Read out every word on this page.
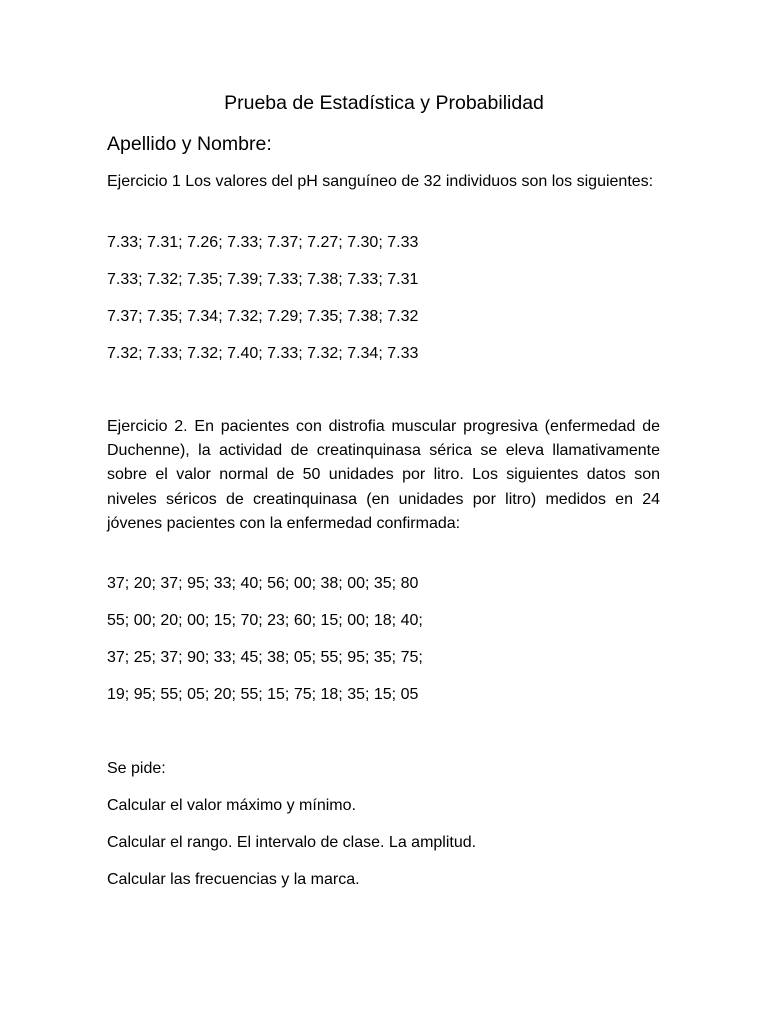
Prueba de Estadística y Probabilidad
Apellido y Nombre:
Ejercicio 1 Los valores del pH sanguíneo de 32 individuos son los siguientes:
7.33; 7.31; 7.26; 7.33; 7.37; 7.27; 7.30; 7.33
7.33; 7.32; 7.35; 7.39; 7.33; 7.38; 7.33; 7.31
7.37; 7.35; 7.34; 7.32; 7.29; 7.35; 7.38; 7.32
7.32; 7.33; 7.32; 7.40; 7.33; 7.32; 7.34; 7.33
Ejercicio 2. En pacientes con distrofia muscular progresiva (enfermedad de Duchenne), la actividad de creatinquinasa sérica se eleva llamativamente sobre el valor normal de 50 unidades por litro. Los siguientes datos son niveles séricos de creatinquinasa (en unidades por litro) medidos en 24 jóvenes pacientes con la enfermedad confirmada:
37; 20; 37; 95; 33; 40; 56; 00; 38; 00; 35; 80
55; 00; 20; 00; 15; 70; 23; 60; 15; 00; 18; 40;
37; 25; 37; 90; 33; 45; 38; 05; 55; 95; 35; 75;
19; 95; 55; 05; 20; 55; 15; 75; 18; 35; 15; 05
Se pide:
Calcular el valor máximo y mínimo.
Calcular el rango. El intervalo de clase. La amplitud.
Calcular las frecuencias y la marca.
